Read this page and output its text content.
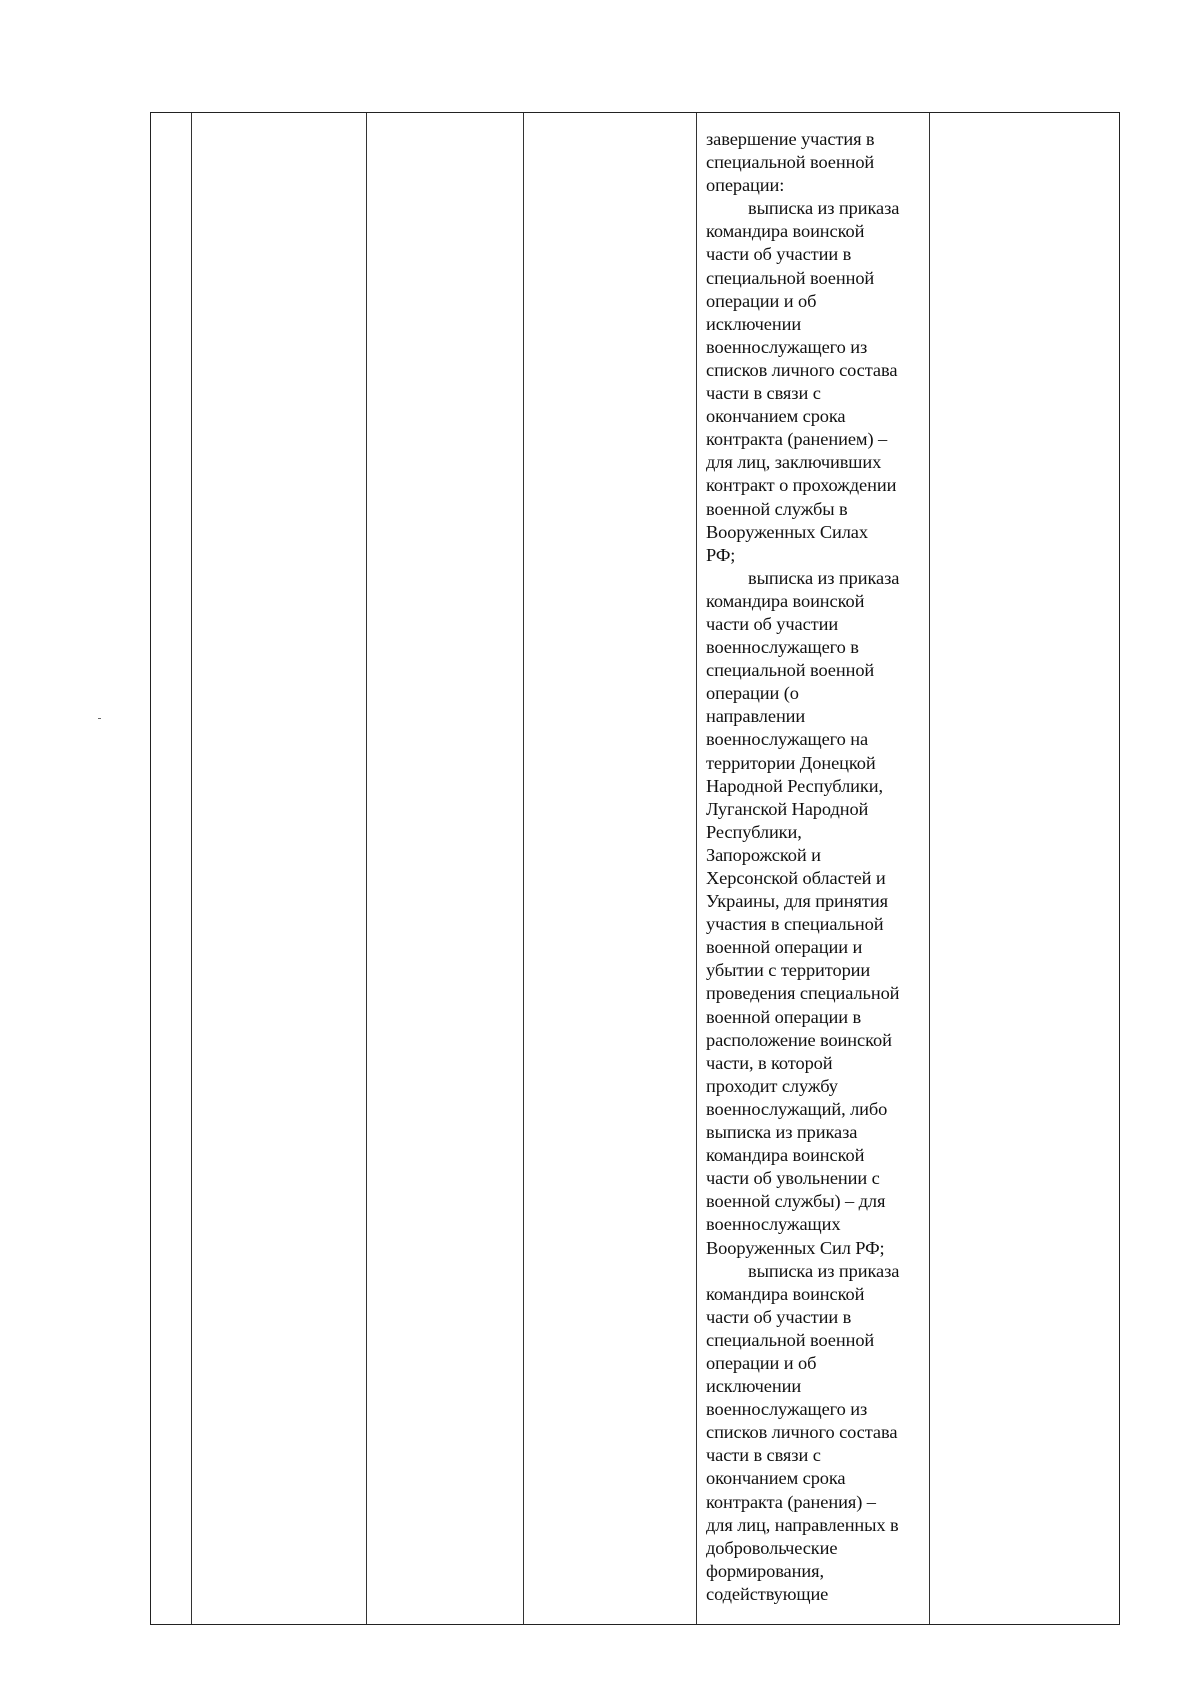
завершение участия в
специальной военной
операции:
выписка из приказа
командира воинской
части об участии в
специальной военной
операции и об
исключении
военнослужащего из
списков личного состава
части в связи с
окончанием срока
контракта (ранением) –
для лиц, заключивших
контракт о прохождении
военной службы в
Вооруженных Силах
РФ;
выписка из приказа
командира воинской
части об участии
военнослужащего в
специальной военной
операции (о
направлении
военнослужащего на
территории Донецкой
Народной Республики,
Луганской Народной
Республики,
Запорожской и
Херсонской областей и
Украины, для принятия
участия в специальной
военной операции и
убытии с территории
проведения специальной
военной операции в
расположение воинской
части, в которой
проходит службу
военнослужащий, либо
выписка из приказа
командира воинской
части об увольнении с
военной службы) – для
военнослужащих
Вооруженных Сил РФ;
выписка из приказа
командира воинской
части об участии в
специальной военной
операции и об
исключении
военнослужащего из
списков личного состава
части в связи с
окончанием срока
контракта (ранения) –
для лиц, направленных в
добровольческие
формирования,
содействующие
